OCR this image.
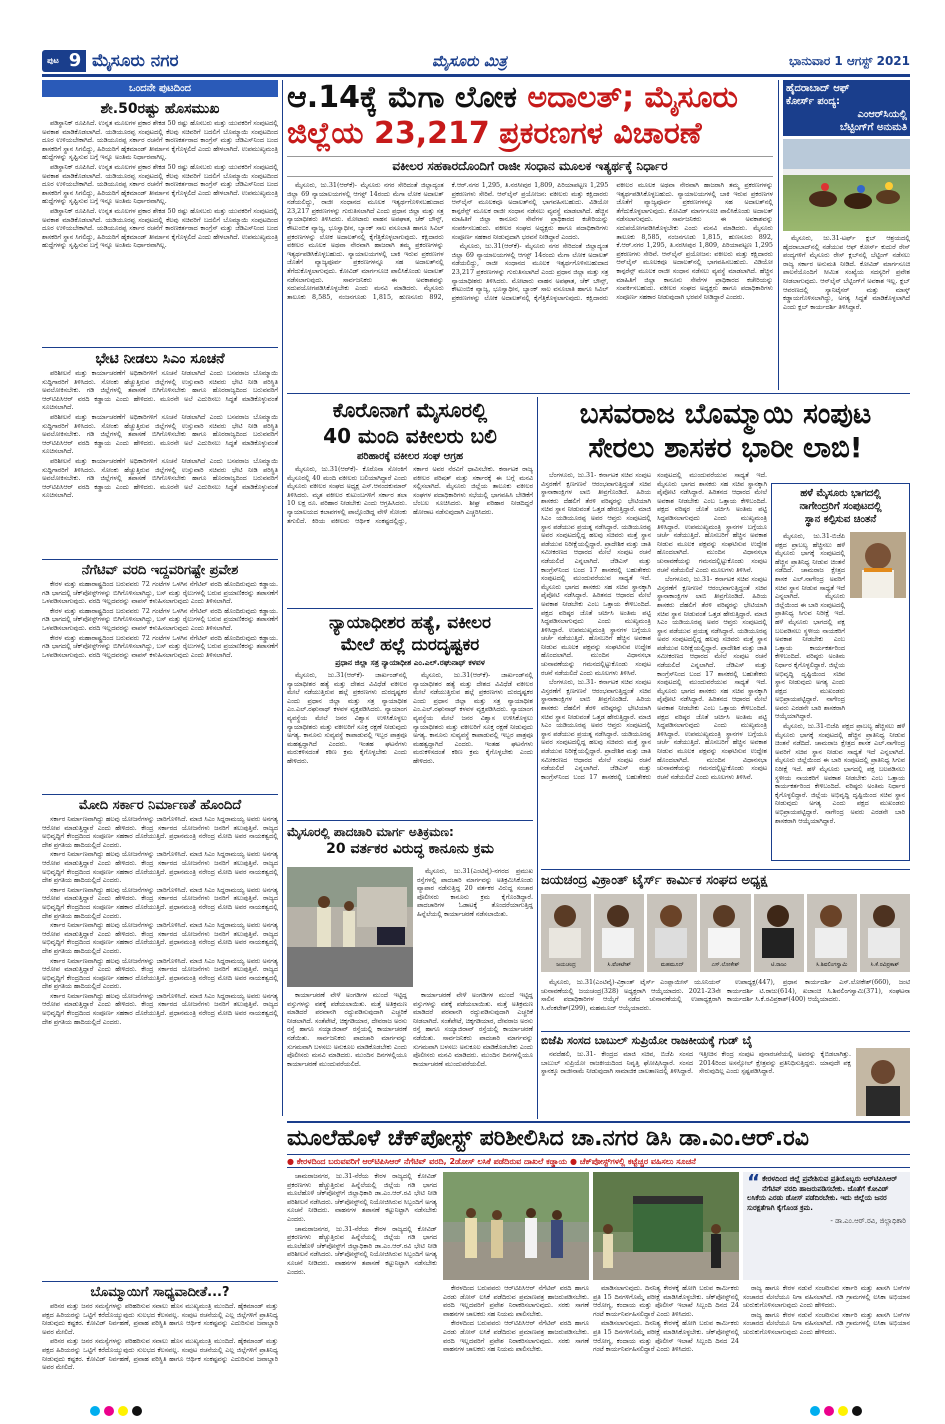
ಪುಟ 9 ಮೈಸೂರು ನಗರ	ಮೈಸೂರು ಮಿತ್ರ	ಭಾನುವಾರ 1 ಆಗಸ್ಟ್ 2021
ಒಂದನೇ ಪುಟದಿಂದ
ಶೇ.50ರಷ್ಟು ಹೊಸಮುಖ

ಪಡಿಸ್ಥಾನಿಕ್ ರೂಪಿಸಿದೆ. ಉನ್ನತ ಮೂಲಗಳ ಪ್ರಕಾರ ಶೇಕಡ 50 ರಷ್ಟು ಹೊಸಬರು ಮತ್ತು ಯುವಕರಿಗೆ ಸಂಪುಟದಲ್ಲಿ ಅವಕಾಶ ಮಾಡಿಕೊಡಲಾಗಿದೆ. ಯಡಿಯೂರಪ್ಪ ಸಂಪುಟದಲ್ಲಿ ಕೆಲವು ಸಚಿವರಿಗೆ ಬದಲಿಗೆ ಬೊಮ್ಮಾಯಿ ಸಂಪುಟದಿಂದ ದೂರ ಉಳಿಯಬೇಕಾಗಿದೆ. ಯಡಿಯೂರಪ್ಪ ಸರ್ಕಾರ ರಚನೆಗೆ ಕಾರಣಕರ್ತರಾದ ಕಾಂಗ್ರೆಸ್ ಮತ್ತು ಜೆಡಿಎಸ್‌ನಿಂದ ಬಂದ ಶಾಸಕರಿಗೆ ಸ್ಥಾನ ಸಿಗಲಿದ್ದು, ಹಿರಿಯರಿಗೆ ಹೈಕಮಾಂಡ್ ತೀರ್ಮಾನ ಕೈಗೊಳ್ಳಲಿದೆ ಎಂದು ಹೇಳಲಾಗಿದೆ. ಉಪಮುಖ್ಯಮಂತ್ರಿ ಹುದ್ದೆಗಳನ್ನು ಸೃಷ್ಟಿಸುವ ಬಗ್ಗೆ ಇನ್ನೂ ಅಂತಿಮ ನಿರ್ಧಾರವಾಗಿಲ್ಲ.

ಪಡಿಸ್ಥಾನಿಕ್ ರೂಪಿಸಿದೆ. ಉನ್ನತ ಮೂಲಗಳ ಪ್ರಕಾರ ಶೇಕಡ 50 ರಷ್ಟು ಹೊಸಬರು ಮತ್ತು ಯುವಕರಿಗೆ ಸಂಪುಟದಲ್ಲಿ ಅವಕಾಶ ಮಾಡಿಕೊಡಲಾಗಿದೆ. ಯಡಿಯೂರಪ್ಪ ಸಂಪುಟದಲ್ಲಿ ಕೆಲವು ಸಚಿವರಿಗೆ ಬದಲಿಗೆ ಬೊಮ್ಮಾಯಿ ಸಂಪುಟದಿಂದ ದೂರ ಉಳಿಯಬೇಕಾಗಿದೆ. ಯಡಿಯೂರಪ್ಪ ಸರ್ಕಾರ ರಚನೆಗೆ ಕಾರಣಕರ್ತರಾದ ಕಾಂಗ್ರೆಸ್ ಮತ್ತು ಜೆಡಿಎಸ್‌ನಿಂದ ಬಂದ ಶಾಸಕರಿಗೆ ಸ್ಥಾನ ಸಿಗಲಿದ್ದು, ಹಿರಿಯರಿಗೆ ಹೈಕಮಾಂಡ್ ತೀರ್ಮಾನ ಕೈಗೊಳ್ಳಲಿದೆ ಎಂದು ಹೇಳಲಾಗಿದೆ. ಉಪಮುಖ್ಯಮಂತ್ರಿ ಹುದ್ದೆಗಳನ್ನು ಸೃಷ್ಟಿಸುವ ಬಗ್ಗೆ ಇನ್ನೂ ಅಂತಿಮ ನಿರ್ಧಾರವಾಗಿಲ್ಲ.

ಪಡಿಸ್ಥಾನಿಕ್ ರೂಪಿಸಿದೆ. ಉನ್ನತ ಮೂಲಗಳ ಪ್ರಕಾರ ಶೇಕಡ 50 ರಷ್ಟು ಹೊಸಬರು ಮತ್ತು ಯುವಕರಿಗೆ ಸಂಪುಟದಲ್ಲಿ ಅವಕಾಶ ಮಾಡಿಕೊಡಲಾಗಿದೆ. ಯಡಿಯೂರಪ್ಪ ಸಂಪುಟದಲ್ಲಿ ಕೆಲವು ಸಚಿವರಿಗೆ ಬದಲಿಗೆ ಬೊಮ್ಮಾಯಿ ಸಂಪುಟದಿಂದ ದೂರ ಉಳಿಯಬೇಕಾಗಿದೆ. ಯಡಿಯೂರಪ್ಪ ಸರ್ಕಾರ ರಚನೆಗೆ ಕಾರಣಕರ್ತರಾದ ಕಾಂಗ್ರೆಸ್ ಮತ್ತು ಜೆಡಿಎಸ್‌ನಿಂದ ಬಂದ ಶಾಸಕರಿಗೆ ಸ್ಥಾನ ಸಿಗಲಿದ್ದು, ಹಿರಿಯರಿಗೆ ಹೈಕಮಾಂಡ್ ತೀರ್ಮಾನ ಕೈಗೊಳ್ಳಲಿದೆ ಎಂದು ಹೇಳಲಾಗಿದೆ. ಉಪಮುಖ್ಯಮಂತ್ರಿ ಹುದ್ದೆಗಳನ್ನು ಸೃಷ್ಟಿಸುವ ಬಗ್ಗೆ ಇನ್ನೂ ಅಂತಿಮ ನಿರ್ಧಾರವಾಗಿಲ್ಲ.

ಭೇಟಿ ನೀಡಲು ಸಿಎಂ ಸೂಚನೆ

ಪರಿಶೀಲನೆ ಮತ್ತು ಕಾರ್ಯಾಚರಣೆಗೆ ಅಧಿಕಾರಿಗಳಿಗೆ ಸೂಚನೆ ನೀಡಲಾಗಿದೆ ಎಂದು ಬಸವರಾಜ ಬೊಮ್ಮಾಯಿ ಸುದ್ದಿಗಾರರಿಗೆ ತಿಳಿಸಿದರು. ಸೋಂಕು ಹೆಚ್ಚುತ್ತಿರುವ ಜಿಲ್ಲೆಗಳಲ್ಲಿ ಉಸ್ತುವಾರಿ ಸಚಿವರು ಭೇಟಿ ನೀಡಿ ಪರಿಸ್ಥಿತಿ ಅವಲೋಕಿಸಬೇಕು. ಗಡಿ ಜಿಲ್ಲೆಗಳಲ್ಲಿ ತಪಾಸಣೆ ಬಿಗಿಗೊಳಿಸಬೇಕು ಹಾಗೂ ಹೊರರಾಜ್ಯದಿಂದ ಬರುವವರಿಗೆ ಆರ್‌ಟಿಪಿಸಿಆರ್ ವರದಿ ಕಡ್ಡಾಯ ಎಂದು ಹೇಳಿದರು. ಮೂರನೇ ಅಲೆ ಎದುರಿಸಲು ಸಿದ್ಧತೆ ಮಾಡಿಕೊಳ್ಳುವಂತೆ ಸೂಚಿಸಲಾಗಿದೆ.

ಪರಿಶೀಲನೆ ಮತ್ತು ಕಾರ್ಯಾಚರಣೆಗೆ ಅಧಿಕಾರಿಗಳಿಗೆ ಸೂಚನೆ ನೀಡಲಾಗಿದೆ ಎಂದು ಬಸವರಾಜ ಬೊಮ್ಮಾಯಿ ಸುದ್ದಿಗಾರರಿಗೆ ತಿಳಿಸಿದರು. ಸೋಂಕು ಹೆಚ್ಚುತ್ತಿರುವ ಜಿಲ್ಲೆಗಳಲ್ಲಿ ಉಸ್ತುವಾರಿ ಸಚಿವರು ಭೇಟಿ ನೀಡಿ ಪರಿಸ್ಥಿತಿ ಅವಲೋಕಿಸಬೇಕು. ಗಡಿ ಜಿಲ್ಲೆಗಳಲ್ಲಿ ತಪಾಸಣೆ ಬಿಗಿಗೊಳಿಸಬೇಕು ಹಾಗೂ ಹೊರರಾಜ್ಯದಿಂದ ಬರುವವರಿಗೆ ಆರ್‌ಟಿಪಿಸಿಆರ್ ವರದಿ ಕಡ್ಡಾಯ ಎಂದು ಹೇಳಿದರು. ಮೂರನೇ ಅಲೆ ಎದುರಿಸಲು ಸಿದ್ಧತೆ ಮಾಡಿಕೊಳ್ಳುವಂತೆ ಸೂಚಿಸಲಾಗಿದೆ.

ಪರಿಶೀಲನೆ ಮತ್ತು ಕಾರ್ಯಾಚರಣೆಗೆ ಅಧಿಕಾರಿಗಳಿಗೆ ಸೂಚನೆ ನೀಡಲಾಗಿದೆ ಎಂದು ಬಸವರಾಜ ಬೊಮ್ಮಾಯಿ ಸುದ್ದಿಗಾರರಿಗೆ ತಿಳಿಸಿದರು. ಸೋಂಕು ಹೆಚ್ಚುತ್ತಿರುವ ಜಿಲ್ಲೆಗಳಲ್ಲಿ ಉಸ್ತುವಾರಿ ಸಚಿವರು ಭೇಟಿ ನೀಡಿ ಪರಿಸ್ಥಿತಿ ಅವಲೋಕಿಸಬೇಕು. ಗಡಿ ಜಿಲ್ಲೆಗಳಲ್ಲಿ ತಪಾಸಣೆ ಬಿಗಿಗೊಳಿಸಬೇಕು ಹಾಗೂ ಹೊರರಾಜ್ಯದಿಂದ ಬರುವವರಿಗೆ ಆರ್‌ಟಿಪಿಸಿಆರ್ ವರದಿ ಕಡ್ಡಾಯ ಎಂದು ಹೇಳಿದರು. ಮೂರನೇ ಅಲೆ ಎದುರಿಸಲು ಸಿದ್ಧತೆ ಮಾಡಿಕೊಳ್ಳುವಂತೆ ಸೂಚಿಸಲಾಗಿದೆ.

ನೆಗೆಟಿವ್ ವರದಿ ಇದ್ದವರಿಗಷ್ಟೇ ಪ್ರವೇಶ

ಕೇರಳ ಮತ್ತು ಮಹಾರಾಷ್ಟ್ರದಿಂದ ಬರುವವರು 72 ಗಂಟೆಗಳ ಒಳಗಿನ ನೆಗೆಟಿವ್ ವರದಿ ಹೊಂದಿರುವುದು ಕಡ್ಡಾಯ. ಗಡಿ ಭಾಗದಲ್ಲಿ ಚೆಕ್‌ಪೋಸ್ಟ್‌ಗಳನ್ನು ಬಿಗಿಗೊಳಿಸಲಾಗಿದ್ದು, ಬಸ್ ಮತ್ತು ರೈಲುಗಳಲ್ಲಿ ಬರುವ ಪ್ರಯಾಣಿಕರನ್ನು ತಪಾಸಣೆಗೆ ಒಳಪಡಿಸಲಾಗುವುದು. ವರದಿ ಇಲ್ಲದವರನ್ನು ವಾಪಸ್ ಕಳುಹಿಸಲಾಗುವುದು ಎಂದು ತಿಳಿಸಲಾಗಿದೆ.

ಕೇರಳ ಮತ್ತು ಮಹಾರಾಷ್ಟ್ರದಿಂದ ಬರುವವರು 72 ಗಂಟೆಗಳ ಒಳಗಿನ ನೆಗೆಟಿವ್ ವರದಿ ಹೊಂದಿರುವುದು ಕಡ್ಡಾಯ. ಗಡಿ ಭಾಗದಲ್ಲಿ ಚೆಕ್‌ಪೋಸ್ಟ್‌ಗಳನ್ನು ಬಿಗಿಗೊಳಿಸಲಾಗಿದ್ದು, ಬಸ್ ಮತ್ತು ರೈಲುಗಳಲ್ಲಿ ಬರುವ ಪ್ರಯಾಣಿಕರನ್ನು ತಪಾಸಣೆಗೆ ಒಳಪಡಿಸಲಾಗುವುದು. ವರದಿ ಇಲ್ಲದವರನ್ನು ವಾಪಸ್ ಕಳುಹಿಸಲಾಗುವುದು ಎಂದು ತಿಳಿಸಲಾಗಿದೆ.

ಕೇರಳ ಮತ್ತು ಮಹಾರಾಷ್ಟ್ರದಿಂದ ಬರುವವರು 72 ಗಂಟೆಗಳ ಒಳಗಿನ ನೆಗೆಟಿವ್ ವರದಿ ಹೊಂದಿರುವುದು ಕಡ್ಡಾಯ. ಗಡಿ ಭಾಗದಲ್ಲಿ ಚೆಕ್‌ಪೋಸ್ಟ್‌ಗಳನ್ನು ಬಿಗಿಗೊಳಿಸಲಾಗಿದ್ದು, ಬಸ್ ಮತ್ತು ರೈಲುಗಳಲ್ಲಿ ಬರುವ ಪ್ರಯಾಣಿಕರನ್ನು ತಪಾಸಣೆಗೆ ಒಳಪಡಿಸಲಾಗುವುದು. ವರದಿ ಇಲ್ಲದವರನ್ನು ವಾಪಸ್ ಕಳುಹಿಸಲಾಗುವುದು ಎಂದು ತಿಳಿಸಲಾಗಿದೆ.

ಮೋದಿ ಸರ್ಕಾರ ನಿರ್ಮಾಣತೆ ಹೊಂದಿದೆ

ಸರ್ಕಾರ ನಿರ್ಮಾಣವಾಗಿದ್ದು ಹಲವು ಯೋಜನೆಗಳನ್ನು ಜಾರಿಗೊಳಿಸಿದೆ. ಮಾಜಿ ಸಿಎಂ ಸಿದ್ದರಾಮಯ್ಯ ಅವರು ಅನಗತ್ಯ ಆರೋಪ ಮಾಡುತ್ತಿದ್ದಾರೆ ಎಂದು ಹೇಳಿದರು. ಕೇಂದ್ರ ಸರ್ಕಾರದ ಯೋಜನೆಗಳು ಜನರಿಗೆ ತಲುಪುತ್ತಿವೆ. ರಾಜ್ಯದ ಅಭಿವೃದ್ಧಿಗೆ ಕೇಂದ್ರದಿಂದ ಸಂಪೂರ್ಣ ಸಹಕಾರ ದೊರೆಯುತ್ತಿದೆ. ಪ್ರಧಾನಮಂತ್ರಿ ನರೇಂದ್ರ ಮೋದಿ ಅವರ ನಾಯಕತ್ವದಲ್ಲಿ ದೇಶ ಪ್ರಗತಿಯ ಹಾದಿಯಲ್ಲಿದೆ ಎಂದರು.

ಸರ್ಕಾರ ನಿರ್ಮಾಣವಾಗಿದ್ದು ಹಲವು ಯೋಜನೆಗಳನ್ನು ಜಾರಿಗೊಳಿಸಿದೆ. ಮಾಜಿ ಸಿಎಂ ಸಿದ್ದರಾಮಯ್ಯ ಅವರು ಅನಗತ್ಯ ಆರೋಪ ಮಾಡುತ್ತಿದ್ದಾರೆ ಎಂದು ಹೇಳಿದರು. ಕೇಂದ್ರ ಸರ್ಕಾರದ ಯೋಜನೆಗಳು ಜನರಿಗೆ ತಲುಪುತ್ತಿವೆ. ರಾಜ್ಯದ ಅಭಿವೃದ್ಧಿಗೆ ಕೇಂದ್ರದಿಂದ ಸಂಪೂರ್ಣ ಸಹಕಾರ ದೊರೆಯುತ್ತಿದೆ. ಪ್ರಧಾನಮಂತ್ರಿ ನರೇಂದ್ರ ಮೋದಿ ಅವರ ನಾಯಕತ್ವದಲ್ಲಿ ದೇಶ ಪ್ರಗತಿಯ ಹಾದಿಯಲ್ಲಿದೆ ಎಂದರು.

ಸರ್ಕಾರ ನಿರ್ಮಾಣವಾಗಿದ್ದು ಹಲವು ಯೋಜನೆಗಳನ್ನು ಜಾರಿಗೊಳಿಸಿದೆ. ಮಾಜಿ ಸಿಎಂ ಸಿದ್ದರಾಮಯ್ಯ ಅವರು ಅನಗತ್ಯ ಆರೋಪ ಮಾಡುತ್ತಿದ್ದಾರೆ ಎಂದು ಹೇಳಿದರು. ಕೇಂದ್ರ ಸರ್ಕಾರದ ಯೋಜನೆಗಳು ಜನರಿಗೆ ತಲುಪುತ್ತಿವೆ. ರಾಜ್ಯದ ಅಭಿವೃದ್ಧಿಗೆ ಕೇಂದ್ರದಿಂದ ಸಂಪೂರ್ಣ ಸಹಕಾರ ದೊರೆಯುತ್ತಿದೆ. ಪ್ರಧಾನಮಂತ್ರಿ ನರೇಂದ್ರ ಮೋದಿ ಅವರ ನಾಯಕತ್ವದಲ್ಲಿ ದೇಶ ಪ್ರಗತಿಯ ಹಾದಿಯಲ್ಲಿದೆ ಎಂದರು.

ಸರ್ಕಾರ ನಿರ್ಮಾಣವಾಗಿದ್ದು ಹಲವು ಯೋಜನೆಗಳನ್ನು ಜಾರಿಗೊಳಿಸಿದೆ. ಮಾಜಿ ಸಿಎಂ ಸಿದ್ದರಾಮಯ್ಯ ಅವರು ಅನಗತ್ಯ ಆರೋಪ ಮಾಡುತ್ತಿದ್ದಾರೆ ಎಂದು ಹೇಳಿದರು. ಕೇಂದ್ರ ಸರ್ಕಾರದ ಯೋಜನೆಗಳು ಜನರಿಗೆ ತಲುಪುತ್ತಿವೆ. ರಾಜ್ಯದ ಅಭಿವೃದ್ಧಿಗೆ ಕೇಂದ್ರದಿಂದ ಸಂಪೂರ್ಣ ಸಹಕಾರ ದೊರೆಯುತ್ತಿದೆ. ಪ್ರಧಾನಮಂತ್ರಿ ನರೇಂದ್ರ ಮೋದಿ ಅವರ ನಾಯಕತ್ವದಲ್ಲಿ ದೇಶ ಪ್ರಗತಿಯ ಹಾದಿಯಲ್ಲಿದೆ ಎಂದರು.

ಸರ್ಕಾರ ನಿರ್ಮಾಣವಾಗಿದ್ದು ಹಲವು ಯೋಜನೆಗಳನ್ನು ಜಾರಿಗೊಳಿಸಿದೆ. ಮಾಜಿ ಸಿಎಂ ಸಿದ್ದರಾಮಯ್ಯ ಅವರು ಅನಗತ್ಯ ಆರೋಪ ಮಾಡುತ್ತಿದ್ದಾರೆ ಎಂದು ಹೇಳಿದರು. ಕೇಂದ್ರ ಸರ್ಕಾರದ ಯೋಜನೆಗಳು ಜನರಿಗೆ ತಲುಪುತ್ತಿವೆ. ರಾಜ್ಯದ ಅಭಿವೃದ್ಧಿಗೆ ಕೇಂದ್ರದಿಂದ ಸಂಪೂರ್ಣ ಸಹಕಾರ ದೊರೆಯುತ್ತಿದೆ. ಪ್ರಧಾನಮಂತ್ರಿ ನರೇಂದ್ರ ಮೋದಿ ಅವರ ನಾಯಕತ್ವದಲ್ಲಿ ದೇಶ ಪ್ರಗತಿಯ ಹಾದಿಯಲ್ಲಿದೆ ಎಂದರು.

ಸರ್ಕಾರ ನಿರ್ಮಾಣವಾಗಿದ್ದು ಹಲವು ಯೋಜನೆಗಳನ್ನು ಜಾರಿಗೊಳಿಸಿದೆ. ಮಾಜಿ ಸಿಎಂ ಸಿದ್ದರಾಮಯ್ಯ ಅವರು ಅನಗತ್ಯ ಆರೋಪ ಮಾಡುತ್ತಿದ್ದಾರೆ ಎಂದು ಹೇಳಿದರು. ಕೇಂದ್ರ ಸರ್ಕಾರದ ಯೋಜನೆಗಳು ಜನರಿಗೆ ತಲುಪುತ್ತಿವೆ. ರಾಜ್ಯದ ಅಭಿವೃದ್ಧಿಗೆ ಕೇಂದ್ರದಿಂದ ಸಂಪೂರ್ಣ ಸಹಕಾರ ದೊರೆಯುತ್ತಿದೆ. ಪ್ರಧಾನಮಂತ್ರಿ ನರೇಂದ್ರ ಮೋದಿ ಅವರ ನಾಯಕತ್ವದಲ್ಲಿ ದೇಶ ಪ್ರಗತಿಯ ಹಾದಿಯಲ್ಲಿದೆ ಎಂದರು.

ಬೊಮ್ಮಾಯಿಗೆ ಸಾಧ್ಯವಾದೀತೆ...?

ಪರಿಸರ ಮತ್ತು ಜನರ ಸಮಸ್ಯೆಗಳನ್ನು ಪರಿಹರಿಸುವ ಸವಾಲು ಹೊಸ ಮುಖ್ಯಮಂತ್ರಿ ಮುಂದಿದೆ. ಹೈಕಮಾಂಡ್ ಮತ್ತು ಪಕ್ಷದ ಹಿರಿಯರನ್ನು ಒಟ್ಟಿಗೆ ಕರೆದೊಯ್ಯುವುದು ಸುಲಭದ ಕೆಲಸವಲ್ಲ. ಸಂಪುಟ ರಚನೆಯಲ್ಲಿ ಎಲ್ಲ ಜಿಲ್ಲೆಗಳಿಗೆ ಪ್ರಾತಿನಿಧ್ಯ ನೀಡುವುದು ಕಷ್ಟಕರ. ಕೋವಿಡ್ ನಿರ್ವಹಣೆ, ಪ್ರವಾಹ ಪರಿಸ್ಥಿತಿ ಹಾಗೂ ಆರ್ಥಿಕ ಸಂಕಷ್ಟವನ್ನು ಎದುರಿಸುವ ಜವಾಬ್ದಾರಿ ಅವರ ಮೇಲಿದೆ.

ಪರಿಸರ ಮತ್ತು ಜನರ ಸಮಸ್ಯೆಗಳನ್ನು ಪರಿಹರಿಸುವ ಸವಾಲು ಹೊಸ ಮುಖ್ಯಮಂತ್ರಿ ಮುಂದಿದೆ. ಹೈಕಮಾಂಡ್ ಮತ್ತು ಪಕ್ಷದ ಹಿರಿಯರನ್ನು ಒಟ್ಟಿಗೆ ಕರೆದೊಯ್ಯುವುದು ಸುಲಭದ ಕೆಲಸವಲ್ಲ. ಸಂಪುಟ ರಚನೆಯಲ್ಲಿ ಎಲ್ಲ ಜಿಲ್ಲೆಗಳಿಗೆ ಪ್ರಾತಿನಿಧ್ಯ ನೀಡುವುದು ಕಷ್ಟಕರ. ಕೋವಿಡ್ ನಿರ್ವಹಣೆ, ಪ್ರವಾಹ ಪರಿಸ್ಥಿತಿ ಹಾಗೂ ಆರ್ಥಿಕ ಸಂಕಷ್ಟವನ್ನು ಎದುರಿಸುವ ಜವಾಬ್ದಾರಿ ಅವರ ಮೇಲಿದೆ.

ಆ.14ಕ್ಕೆ ಮೆಗಾ ಲೋಕ ಅದಾಲತ್; ಮೈಸೂರು
ಜಿಲ್ಲೆಯ 23,217 ಪ್ರಕರಣಗಳ ವಿಚಾರಣೆ
ವಕೀಲರ ಸಹಕಾರದೊಂದಿಗೆ ರಾಜೀ ಸಂಧಾನ ಮೂಲಕ ಇತ್ಯರ್ಥಕ್ಕೆ ನಿರ್ಧಾರ

ಮೈಸೂರು, ಜು.31(ಆರ್‌ಕೆ)- ಮೈಸೂರು ನಗರ ಸೇರಿದಂತೆ ಜಿಲ್ಲಾದ್ಯಂತ ಜಿಲ್ಲಾ 69 ನ್ಯಾಯಾಲಯಗಳಲ್ಲಿ ಆಗಸ್ಟ್ 14ರಂದು ಮೆಗಾ ಲೋಕ ಅದಾಲತ್ ನಡೆಯಲಿದ್ದು, ರಾಜೀ ಸಂಧಾನದ ಮೂಲಕ ಇತ್ಯರ್ಥಗೊಳಿಸಬಹುದಾದ 23,217 ಪ್ರಕರಣಗಳನ್ನು ಗುರುತಿಸಲಾಗಿದೆ ಎಂದು ಪ್ರಧಾನ ಜಿಲ್ಲಾ ಮತ್ತು ಸತ್ರ ನ್ಯಾಯಾಧೀಶರು ತಿಳಿಸಿದರು. ಮೋಟಾರು ವಾಹನ ಅಪಘಾತ, ಚೆಕ್ ಬೌನ್ಸ್, ಕೌಟುಂಬಿಕ ವ್ಯಾಜ್ಯ, ಭೂಸ್ವಾಧೀನ, ಬ್ಯಾಂಕ್ ಸಾಲ ವಸೂಲಾತಿ ಹಾಗೂ ಸಿವಿಲ್ ಪ್ರಕರಣಗಳನ್ನು ಲೋಕ ಅದಾಲತ್‌ನಲ್ಲಿ ಕೈಗೆತ್ತಿಕೊಳ್ಳಲಾಗುವುದು. ಕಕ್ಷಿದಾರರು ವಕೀಲರ ಮೂಲಕ ಅಥವಾ ನೇರವಾಗಿ ಹಾಜರಾಗಿ ತಮ್ಮ ಪ್ರಕರಣಗಳನ್ನು ಇತ್ಯರ್ಥಪಡಿಸಿಕೊಳ್ಳಬಹುದು. ನ್ಯಾಯಾಲಯಗಳಲ್ಲಿ ಬಾಕಿ ಇರುವ ಪ್ರಕರಣಗಳ ಜೊತೆಗೆ ವ್ಯಾಜ್ಯಪೂರ್ವ ಪ್ರಕರಣಗಳನ್ನೂ ಸಹ ಅದಾಲತ್‌ನಲ್ಲಿ ತೆಗೆದುಕೊಳ್ಳಲಾಗುವುದು. ಕೋವಿಡ್ ಮಾರ್ಗಸೂಚಿ ಪಾಲಿಸಿಕೊಂಡು ಅದಾಲತ್ ನಡೆಸಲಾಗುವುದು. ಸಾರ್ವಜನಿಕರು ಈ ಅವಕಾಶವನ್ನು ಸದುಪಯೋಗಪಡಿಸಿಕೊಳ್ಳಬೇಕು ಎಂದು ಮನವಿ ಮಾಡಿದರು. ಮೈಸೂರು ತಾಲೂಕು 8,585, ನಂಜನಗೂಡು 1,815, ಹುಣಸೂರು 892, ಕೆ.ಆರ್.ನಗರ 1,295, ತಿ.ನರಸೀಪುರ 1,809, ಪಿರಿಯಾಪಟ್ಟಣ 1,295 ಪ್ರಕರಣಗಳು ಸೇರಿವೆ. ಆನ್‌ಲೈನ್ ಪ್ರಯೋಜನ: ವಕೀಲರು ಮತ್ತು ಕಕ್ಷಿದಾರರು ಆನ್‌ಲೈನ್ ಮೂಲಕವೂ ಅದಾಲತ್‌ನಲ್ಲಿ ಭಾಗವಹಿಸಬಹುದು. ವಿಡಿಯೋ ಕಾನ್ಫರೆನ್ಸ್ ಮೂಲಕ ರಾಜೀ ಸಂಧಾನ ನಡೆಸಲು ವ್ಯವಸ್ಥೆ ಮಾಡಲಾಗಿದೆ. ಹೆಚ್ಚಿನ ಮಾಹಿತಿಗೆ ಜಿಲ್ಲಾ ಕಾನೂನು ಸೇವೆಗಳ ಪ್ರಾಧಿಕಾರದ ಕಚೇರಿಯನ್ನು ಸಂಪರ್ಕಿಸಬಹುದು. ವಕೀಲರ ಸಂಘದ ಅಧ್ಯಕ್ಷರು ಹಾಗೂ ಪದಾಧಿಕಾರಿಗಳು ಸಂಪೂರ್ಣ ಸಹಕಾರ ನೀಡುವುದಾಗಿ ಭರವಸೆ ನೀಡಿದ್ದಾರೆ ಎಂದರು.

ಮೈಸೂರು, ಜು.31(ಆರ್‌ಕೆ)- ಮೈಸೂರು ನಗರ ಸೇರಿದಂತೆ ಜಿಲ್ಲಾದ್ಯಂತ ಜಿಲ್ಲಾ 69 ನ್ಯಾಯಾಲಯಗಳಲ್ಲಿ ಆಗಸ್ಟ್ 14ರಂದು ಮೆಗಾ ಲೋಕ ಅದಾಲತ್ ನಡೆಯಲಿದ್ದು, ರಾಜೀ ಸಂಧಾನದ ಮೂಲಕ ಇತ್ಯರ್ಥಗೊಳಿಸಬಹುದಾದ 23,217 ಪ್ರಕರಣಗಳನ್ನು ಗುರುತಿಸಲಾಗಿದೆ ಎಂದು ಪ್ರಧಾನ ಜಿಲ್ಲಾ ಮತ್ತು ಸತ್ರ ನ್ಯಾಯಾಧೀಶರು ತಿಳಿಸಿದರು. ಮೋಟಾರು ವಾಹನ ಅಪಘಾತ, ಚೆಕ್ ಬೌನ್ಸ್, ಕೌಟುಂಬಿಕ ವ್ಯಾಜ್ಯ, ಭೂಸ್ವಾಧೀನ, ಬ್ಯಾಂಕ್ ಸಾಲ ವಸೂಲಾತಿ ಹಾಗೂ ಸಿವಿಲ್ ಪ್ರಕರಣಗಳನ್ನು ಲೋಕ ಅದಾಲತ್‌ನಲ್ಲಿ ಕೈಗೆತ್ತಿಕೊಳ್ಳಲಾಗುವುದು. ಕಕ್ಷಿದಾರರು ವಕೀಲರ ಮೂಲಕ ಅಥವಾ ನೇರವಾಗಿ ಹಾಜರಾಗಿ ತಮ್ಮ ಪ್ರಕರಣಗಳನ್ನು ಇತ್ಯರ್ಥಪಡಿಸಿಕೊಳ್ಳಬಹುದು. ನ್ಯಾಯಾಲಯಗಳಲ್ಲಿ ಬಾಕಿ ಇರುವ ಪ್ರಕರಣಗಳ ಜೊತೆಗೆ ವ್ಯಾಜ್ಯಪೂರ್ವ ಪ್ರಕರಣಗಳನ್ನೂ ಸಹ ಅದಾಲತ್‌ನಲ್ಲಿ ತೆಗೆದುಕೊಳ್ಳಲಾಗುವುದು. ಕೋವಿಡ್ ಮಾರ್ಗಸೂಚಿ ಪಾಲಿಸಿಕೊಂಡು ಅದಾಲತ್ ನಡೆಸಲಾಗುವುದು. ಸಾರ್ವಜನಿಕರು ಈ ಅವಕಾಶವನ್ನು ಸದುಪಯೋಗಪಡಿಸಿಕೊಳ್ಳಬೇಕು ಎಂದು ಮನವಿ ಮಾಡಿದರು. ಮೈಸೂರು ತಾಲೂಕು 8,585, ನಂಜನಗೂಡು 1,815, ಹುಣಸೂರು 892, ಕೆ.ಆರ್.ನಗರ 1,295, ತಿ.ನರಸೀಪುರ 1,809, ಪಿರಿಯಾಪಟ್ಟಣ 1,295 ಪ್ರಕರಣಗಳು ಸೇರಿವೆ. ಆನ್‌ಲೈನ್ ಪ್ರಯೋಜನ: ವಕೀಲರು ಮತ್ತು ಕಕ್ಷಿದಾರರು ಆನ್‌ಲೈನ್ ಮೂಲಕವೂ ಅದಾಲತ್‌ನಲ್ಲಿ ಭಾಗವಹಿಸಬಹುದು. ವಿಡಿಯೋ ಕಾನ್ಫರೆನ್ಸ್ ಮೂಲಕ ರಾಜೀ ಸಂಧಾನ ನಡೆಸಲು ವ್ಯವಸ್ಥೆ ಮಾಡಲಾಗಿದೆ. ಹೆಚ್ಚಿನ ಮಾಹಿತಿಗೆ ಜಿಲ್ಲಾ ಕಾನೂನು ಸೇವೆಗಳ ಪ್ರಾಧಿಕಾರದ ಕಚೇರಿಯನ್ನು ಸಂಪರ್ಕಿಸಬಹುದು. ವಕೀಲರ ಸಂಘದ ಅಧ್ಯಕ್ಷರು ಹಾಗೂ ಪದಾಧಿಕಾರಿಗಳು ಸಂಪೂರ್ಣ ಸಹಕಾರ ನೀಡುವುದಾಗಿ ಭರವಸೆ ನೀಡಿದ್ದಾರೆ ಎಂದರು.

ಹೈದರಾಬಾದ್ ಆಫ್
ಕೋರ್ಸ್ ಪಂದ್ಯ:
ಎಂಆರ್‌ಸಿಯಲ್ಲಿ
ಬೆಟ್ಟಿಂಗ್‌ಗೆ ಅನುಮತಿ

ಮೈಸೂರು, ಜು.31-ಟರ್ಫ್ ಕ್ಲಬ್ ಆಶ್ರಯದಲ್ಲಿ ಹೈದರಾಬಾದ್‌ನಲ್ಲಿ ನಡೆಯುವ ಆಫ್ ಕೋರ್ಸ್ ಕುದುರೆ ರೇಸ್ ಪಂದ್ಯಗಳಿಗೆ ಮೈಸೂರು ರೇಸ್ ಕ್ಲಬ್‌ನಲ್ಲಿ ಬೆಟ್ಟಿಂಗ್ ನಡೆಸಲು ರಾಜ್ಯ ಸರ್ಕಾರ ಅನುಮತಿ ನೀಡಿದೆ. ಕೋವಿಡ್ ಮಾರ್ಗಸೂಚಿ ಪಾಲನೆಯೊಂದಿಗೆ ಸೀಮಿತ ಸಂಖ್ಯೆಯ ಸದಸ್ಯರಿಗೆ ಪ್ರವೇಶ ನೀಡಲಾಗುವುದು. ಆನ್‌ಲೈನ್ ಬೆಟ್ಟಿಂಗ್‌ಗೆ ಅವಕಾಶ ಇಲ್ಲ. ಕ್ಲಬ್ ಆವರಣದಲ್ಲಿ ಸ್ಯಾನಿಟೈಸರ್ ಮತ್ತು ಮಾಸ್ಕ್ ಕಡ್ಡಾಯಗೊಳಿಸಲಾಗಿದ್ದು, ಅಗತ್ಯ ಸಿದ್ಧತೆ ಮಾಡಿಕೊಳ್ಳಲಾಗಿದೆ ಎಂದು ಕ್ಲಬ್ ಕಾರ್ಯದರ್ಶಿ ತಿಳಿಸಿದ್ದಾರೆ.

ಕೊರೊನಾಗೆ ಮೈಸೂರಲ್ಲಿ
40 ಮಂದಿ ವಕೀಲರು ಬಲಿ
ಪರಿಹಾರಕ್ಕೆ ವಕೀಲರ ಸಂಘ ಆಗ್ರಹ

ಮೈಸೂರು, ಜು.31(ಆರ್‌ಕೆ)- ಕೊರೊನಾ ಸೋಂಕಿಗೆ ಮೈಸೂರಲ್ಲಿ 40 ಮಂದಿ ವಕೀಲರು ಬಲಿಯಾಗಿದ್ದಾರೆ ಎಂದು ಮೈಸೂರು ವಕೀಲರ ಸಂಘದ ಅಧ್ಯಕ್ಷ ಎಸ್.ಆನಂದಕುಮಾರ್ ತಿಳಿಸಿದರು. ಮೃತ ವಕೀಲರ ಕುಟುಂಬಗಳಿಗೆ ಸರ್ಕಾರ ತಲಾ 10 ಲಕ್ಷ ರೂ. ಪರಿಹಾರ ನೀಡಬೇಕು ಎಂದು ಆಗ್ರಹಿಸಿದರು. ನ್ಯಾಯಾಲಯದ ಕಲಾಪಗಳಲ್ಲಿ ಪಾಲ್ಗೊಂಡಿದ್ದ ವೇಳೆ ಸೋಂಕು ತಗುಲಿದೆ. ಕಿರಿಯ ವಕೀಲರು ಆರ್ಥಿಕ ಸಂಕಷ್ಟದಲ್ಲಿದ್ದು, ಸರ್ಕಾರ ಅವರ ನೆರವಿಗೆ ಧಾವಿಸಬೇಕು. ಕರ್ನಾಟಕ ರಾಜ್ಯ ವಕೀಲರ ಪರಿಷತ್ ಮತ್ತು ಸರ್ಕಾರಕ್ಕೆ ಈ ಬಗ್ಗೆ ಮನವಿ ಸಲ್ಲಿಸಲಾಗಿದೆ. ಮೈಸೂರು ಜಿಲ್ಲೆಯ ತಾಲೂಕು ವಕೀಲರ ಸಂಘಗಳ ಪದಾಧಿಕಾರಿಗಳು ಸಭೆಯಲ್ಲಿ ಭಾಗವಹಿಸಿ ಬೇಡಿಕೆಗೆ ಬೆಂಬಲ ಸೂಚಿಸಿದರು. ಶೀಘ್ರ ಪರಿಹಾರ ನೀಡದಿದ್ದರೆ ಹೋರಾಟ ನಡೆಸುವುದಾಗಿ ಎಚ್ಚರಿಸಿದರು.

ನ್ಯಾಯಾಧೀಶರ ಹತ್ಯೆ, ವಕೀಲರ
ಮೇಲೆ ಹಲ್ಲೆ ದುರದೃಷ್ಟಕರ
ಪ್ರಧಾನ ಜಿಲ್ಲಾ ಸತ್ರ ನ್ಯಾಯಾಧೀಶ ಎಂ.ಎಲ್.ರಘುನಾಥ್ ಕಳವಳ

ಮೈಸೂರು, ಜು.31(ಆರ್‌ಕೆ)- ಜಾರ್ಖಂಡ್‌ನಲ್ಲಿ ನ್ಯಾಯಾಧೀಶರ ಹತ್ಯೆ ಮತ್ತು ದೇಶದ ವಿವಿಧೆಡೆ ವಕೀಲರ ಮೇಲೆ ನಡೆಯುತ್ತಿರುವ ಹಲ್ಲೆ ಪ್ರಕರಣಗಳು ದುರದೃಷ್ಟಕರ ಎಂದು ಪ್ರಧಾನ ಜಿಲ್ಲಾ ಮತ್ತು ಸತ್ರ ನ್ಯಾಯಾಧೀಶ ಎಂ.ಎಲ್.ರಘುನಾಥ್ ಕಳವಳ ವ್ಯಕ್ತಪಡಿಸಿದರು. ನ್ಯಾಯಾಂಗ ವ್ಯವಸ್ಥೆಯ ಮೇಲೆ ಜನರ ವಿಶ್ವಾಸ ಉಳಿಸಿಕೊಳ್ಳಲು ನ್ಯಾಯಾಧೀಶರು ಮತ್ತು ವಕೀಲರಿಗೆ ಸೂಕ್ತ ರಕ್ಷಣೆ ನೀಡುವುದು ಅಗತ್ಯ. ಕಾನೂನು ಸುವ್ಯವಸ್ಥೆ ಕಾಪಾಡುವಲ್ಲಿ ಇಬ್ಬರ ಪಾತ್ರವೂ ಮಹತ್ವದ್ದಾಗಿದೆ ಎಂದರು. ಇಂತಹ ಘಟನೆಗಳು ಮರುಕಳಿಸದಂತೆ ಕಠಿಣ ಕ್ರಮ ಕೈಗೊಳ್ಳಬೇಕು ಎಂದು ಹೇಳಿದರು.

ಮೈಸೂರು, ಜು.31(ಆರ್‌ಕೆ)- ಜಾರ್ಖಂಡ್‌ನಲ್ಲಿ ನ್ಯಾಯಾಧೀಶರ ಹತ್ಯೆ ಮತ್ತು ದೇಶದ ವಿವಿಧೆಡೆ ವಕೀಲರ ಮೇಲೆ ನಡೆಯುತ್ತಿರುವ ಹಲ್ಲೆ ಪ್ರಕರಣಗಳು ದುರದೃಷ್ಟಕರ ಎಂದು ಪ್ರಧಾನ ಜಿಲ್ಲಾ ಮತ್ತು ಸತ್ರ ನ್ಯಾಯಾಧೀಶ ಎಂ.ಎಲ್.ರಘುನಾಥ್ ಕಳವಳ ವ್ಯಕ್ತಪಡಿಸಿದರು. ನ್ಯಾಯಾಂಗ ವ್ಯವಸ್ಥೆಯ ಮೇಲೆ ಜನರ ವಿಶ್ವಾಸ ಉಳಿಸಿಕೊಳ್ಳಲು ನ್ಯಾಯಾಧೀಶರು ಮತ್ತು ವಕೀಲರಿಗೆ ಸೂಕ್ತ ರಕ್ಷಣೆ ನೀಡುವುದು ಅಗತ್ಯ. ಕಾನೂನು ಸುವ್ಯವಸ್ಥೆ ಕಾಪಾಡುವಲ್ಲಿ ಇಬ್ಬರ ಪಾತ್ರವೂ ಮಹತ್ವದ್ದಾಗಿದೆ ಎಂದರು. ಇಂತಹ ಘಟನೆಗಳು ಮರುಕಳಿಸದಂತೆ ಕಠಿಣ ಕ್ರಮ ಕೈಗೊಳ್ಳಬೇಕು ಎಂದು ಹೇಳಿದರು.

ಮೈಸೂರಲ್ಲಿ ಪಾದಚಾರಿ ಮಾರ್ಗ ಅತಿಕ್ರಮಣ:
20 ವರ್ತಕರ ವಿರುದ್ಧ ಕಾನೂನು ಕ್ರಮ

ಮೈಸೂರು, ಜು.31(ಎಂಟಿವೈ)-ನಗರದ ಪ್ರಮುಖ ರಸ್ತೆಗಳಲ್ಲಿ ಪಾದಚಾರಿ ಮಾರ್ಗವನ್ನು ಅತಿಕ್ರಮಿಸಿಕೊಂಡು ವ್ಯಾಪಾರ ನಡೆಸುತ್ತಿದ್ದ 20 ವರ್ತಕರ ವಿರುದ್ಧ ಸಂಚಾರ ಪೊಲೀಸರು ಕಾನೂನು ಕ್ರಮ ಕೈಗೊಂಡಿದ್ದಾರೆ. ಪಾದಚಾರಿಗಳ ಓಡಾಟಕ್ಕೆ ತೊಂದರೆಯಾಗುತ್ತಿದ್ದ ಹಿನ್ನೆಲೆಯಲ್ಲಿ ಕಾರ್ಯಾಚರಣೆ ನಡೆಸಲಾಯಿತು.

ಕಾರ್ಯಾಚರಣೆ ವೇಳೆ ಅಂಗಡಿಗಳ ಮುಂದೆ ಇಟ್ಟಿದ್ದ ವಸ್ತುಗಳನ್ನು ವಶಕ್ಕೆ ಪಡೆಯಲಾಯಿತು. ಮತ್ತೆ ಅತಿಕ್ರಮಣ ಮಾಡಿದರೆ ಪರವಾನಗಿ ರದ್ದುಪಡಿಸುವುದಾಗಿ ಎಚ್ಚರಿಕೆ ನೀಡಲಾಗಿದೆ. ಸಂತೆಪೇಟೆ, ಚಿಕ್ಕಗಡಿಯಾರ, ದೇವರಾಜ ಅರಸು ರಸ್ತೆ ಹಾಗೂ ಸಯ್ಯಾಜಿರಾವ್ ರಸ್ತೆಯಲ್ಲಿ ಕಾರ್ಯಾಚರಣೆ ನಡೆಯಿತು. ಸಾರ್ವಜನಿಕರು ಪಾದಚಾರಿ ಮಾರ್ಗವನ್ನು ಸುಗಮವಾಗಿ ಬಳಸಲು ಅನುಕೂಲ ಮಾಡಿಕೊಡಬೇಕು ಎಂದು ಪೊಲೀಸರು ಮನವಿ ಮಾಡಿದರು. ಮುಂದಿನ ದಿನಗಳಲ್ಲಿಯೂ ಕಾರ್ಯಾಚರಣೆ ಮುಂದುವರೆಯಲಿದೆ.

ಕಾರ್ಯಾಚರಣೆ ವೇಳೆ ಅಂಗಡಿಗಳ ಮುಂದೆ ಇಟ್ಟಿದ್ದ ವಸ್ತುಗಳನ್ನು ವಶಕ್ಕೆ ಪಡೆಯಲಾಯಿತು. ಮತ್ತೆ ಅತಿಕ್ರಮಣ ಮಾಡಿದರೆ ಪರವಾನಗಿ ರದ್ದುಪಡಿಸುವುದಾಗಿ ಎಚ್ಚರಿಕೆ ನೀಡಲಾಗಿದೆ. ಸಂತೆಪೇಟೆ, ಚಿಕ್ಕಗಡಿಯಾರ, ದೇವರಾಜ ಅರಸು ರಸ್ತೆ ಹಾಗೂ ಸಯ್ಯಾಜಿರಾವ್ ರಸ್ತೆಯಲ್ಲಿ ಕಾರ್ಯಾಚರಣೆ ನಡೆಯಿತು. ಸಾರ್ವಜನಿಕರು ಪಾದಚಾರಿ ಮಾರ್ಗವನ್ನು ಸುಗಮವಾಗಿ ಬಳಸಲು ಅನುಕೂಲ ಮಾಡಿಕೊಡಬೇಕು ಎಂದು ಪೊಲೀಸರು ಮನವಿ ಮಾಡಿದರು. ಮುಂದಿನ ದಿನಗಳಲ್ಲಿಯೂ ಕಾರ್ಯಾಚರಣೆ ಮುಂದುವರೆಯಲಿದೆ.

ಬಸವರಾಜ ಬೊಮ್ಮಾಯಿ ಸಂಪುಟ
ಸೇರಲು ಶಾಸಕರ ಭಾರೀ ಲಾಬಿ!

ಬೆಂಗಳೂರು, ಜು.31- ಕರ್ನಾಟಕ ಸಚಿವ ಸಂಪುಟ ವಿಸ್ತರಣೆಗೆ ಕ್ಷಣಗಣನೆ ಆರಂಭವಾಗುತ್ತಿದ್ದಂತೆ ಸಚಿವ ಸ್ಥಾನಾಕಾಂಕ್ಷಿಗಳ ಲಾಬಿ ತೀವ್ರಗೊಂಡಿದೆ. ಹಿರಿಯ ಶಾಸಕರು ದೆಹಲಿಗೆ ತೆರಳಿ ವರಿಷ್ಠರನ್ನು ಭೇಟಿಯಾಗಿ ಸಚಿವ ಸ್ಥಾನ ನೀಡುವಂತೆ ಒತ್ತಡ ಹೇರುತ್ತಿದ್ದಾರೆ. ಮಾಜಿ ಸಿಎಂ ಯಡಿಯೂರಪ್ಪ ಅವರ ಆಪ್ತರು ಸಂಪುಟದಲ್ಲಿ ಸ್ಥಾನ ಪಡೆಯುವ ಪ್ರಯತ್ನ ನಡೆಸಿದ್ದಾರೆ. ಯಡಿಯೂರಪ್ಪ ಅವರ ಸಂಪುಟದಲ್ಲಿದ್ದ ಹಲವು ಸಚಿವರು ಮತ್ತೆ ಸ್ಥಾನ ಪಡೆಯುವ ನಿರೀಕ್ಷೆಯಲ್ಲಿದ್ದಾರೆ. ಪ್ರಾದೇಶಿಕ ಮತ್ತು ಜಾತಿ ಸಮೀಕರಣದ ಆಧಾರದ ಮೇಲೆ ಸಂಪುಟ ರಚನೆ ನಡೆಯಲಿದೆ ಎನ್ನಲಾಗಿದೆ. ಜೆಡಿಎಸ್ ಮತ್ತು ಕಾಂಗ್ರೆಸ್‌ನಿಂದ ಬಂದ 17 ಶಾಸಕರಲ್ಲಿ ಬಹುತೇಕರು ಸಂಪುಟದಲ್ಲಿ ಮುಂದುವರೆಯುವ ಸಾಧ್ಯತೆ ಇದೆ. ಮೈಸೂರು ಭಾಗದ ಶಾಸಕರು ಸಹ ಸಚಿವ ಸ್ಥಾನಕ್ಕಾಗಿ ಪೈಪೋಟಿ ನಡೆಸಿದ್ದಾರೆ. ಹಿರಿತನದ ಆಧಾರದ ಮೇಲೆ ಅವಕಾಶ ನೀಡಬೇಕು ಎಂಬ ಒತ್ತಾಯ ಕೇಳಿಬಂದಿದೆ. ಪಕ್ಷದ ವರಿಷ್ಠರ ಜೊತೆ ಚರ್ಚಿಸಿ ಅಂತಿಮ ಪಟ್ಟಿ ಸಿದ್ಧಪಡಿಸಲಾಗುವುದು ಎಂದು ಮುಖ್ಯಮಂತ್ರಿ ತಿಳಿಸಿದ್ದಾರೆ. ಉಪಮುಖ್ಯಮಂತ್ರಿ ಸ್ಥಾನಗಳ ಬಗ್ಗೆಯೂ ಚರ್ಚೆ ನಡೆಯುತ್ತಿದೆ. ಹೊಸಬರಿಗೆ ಹೆಚ್ಚಿನ ಅವಕಾಶ ನೀಡುವ ಮೂಲಕ ಪಕ್ಷವನ್ನು ಸಂಘಟಿಸುವ ಉದ್ದೇಶ ಹೊಂದಲಾಗಿದೆ. ಮುಂದಿನ ವಿಧಾನಸಭಾ ಚುನಾವಣೆಯನ್ನು ಗಮನದಲ್ಲಿಟ್ಟುಕೊಂಡು ಸಂಪುಟ ರಚನೆ ನಡೆಯಲಿದೆ ಎಂದು ಮೂಲಗಳು ತಿಳಿಸಿವೆ.

ಬೆಂಗಳೂರು, ಜು.31- ಕರ್ನಾಟಕ ಸಚಿವ ಸಂಪುಟ ವಿಸ್ತರಣೆಗೆ ಕ್ಷಣಗಣನೆ ಆರಂಭವಾಗುತ್ತಿದ್ದಂತೆ ಸಚಿವ ಸ್ಥಾನಾಕಾಂಕ್ಷಿಗಳ ಲಾಬಿ ತೀವ್ರಗೊಂಡಿದೆ. ಹಿರಿಯ ಶಾಸಕರು ದೆಹಲಿಗೆ ತೆರಳಿ ವರಿಷ್ಠರನ್ನು ಭೇಟಿಯಾಗಿ ಸಚಿವ ಸ್ಥಾನ ನೀಡುವಂತೆ ಒತ್ತಡ ಹೇರುತ್ತಿದ್ದಾರೆ. ಮಾಜಿ ಸಿಎಂ ಯಡಿಯೂರಪ್ಪ ಅವರ ಆಪ್ತರು ಸಂಪುಟದಲ್ಲಿ ಸ್ಥಾನ ಪಡೆಯುವ ಪ್ರಯತ್ನ ನಡೆಸಿದ್ದಾರೆ. ಯಡಿಯೂರಪ್ಪ ಅವರ ಸಂಪುಟದಲ್ಲಿದ್ದ ಹಲವು ಸಚಿವರು ಮತ್ತೆ ಸ್ಥಾನ ಪಡೆಯುವ ನಿರೀಕ್ಷೆಯಲ್ಲಿದ್ದಾರೆ. ಪ್ರಾದೇಶಿಕ ಮತ್ತು ಜಾತಿ ಸಮೀಕರಣದ ಆಧಾರದ ಮೇಲೆ ಸಂಪುಟ ರಚನೆ ನಡೆಯಲಿದೆ ಎನ್ನಲಾಗಿದೆ. ಜೆಡಿಎಸ್ ಮತ್ತು ಕಾಂಗ್ರೆಸ್‌ನಿಂದ ಬಂದ 17 ಶಾಸಕರಲ್ಲಿ ಬಹುತೇಕರು ಸಂಪುಟದಲ್ಲಿ ಮುಂದುವರೆಯುವ ಸಾಧ್ಯತೆ ಇದೆ. ಮೈಸೂರು ಭಾಗದ ಶಾಸಕರು ಸಹ ಸಚಿವ ಸ್ಥಾನಕ್ಕಾಗಿ ಪೈಪೋಟಿ ನಡೆಸಿದ್ದಾರೆ. ಹಿರಿತನದ ಆಧಾರದ ಮೇಲೆ ಅವಕಾಶ ನೀಡಬೇಕು ಎಂಬ ಒತ್ತಾಯ ಕೇಳಿಬಂದಿದೆ. ಪಕ್ಷದ ವರಿಷ್ಠರ ಜೊತೆ ಚರ್ಚಿಸಿ ಅಂತಿಮ ಪಟ್ಟಿ ಸಿದ್ಧಪಡಿಸಲಾಗುವುದು ಎಂದು ಮುಖ್ಯಮಂತ್ರಿ ತಿಳಿಸಿದ್ದಾರೆ. ಉಪಮುಖ್ಯಮಂತ್ರಿ ಸ್ಥಾನಗಳ ಬಗ್ಗೆಯೂ ಚರ್ಚೆ ನಡೆಯುತ್ತಿದೆ. ಹೊಸಬರಿಗೆ ಹೆಚ್ಚಿನ ಅವಕಾಶ ನೀಡುವ ಮೂಲಕ ಪಕ್ಷವನ್ನು ಸಂಘಟಿಸುವ ಉದ್ದೇಶ ಹೊಂದಲಾಗಿದೆ. ಮುಂದಿನ ವಿಧಾನಸಭಾ ಚುನಾವಣೆಯನ್ನು ಗಮನದಲ್ಲಿಟ್ಟುಕೊಂಡು ಸಂಪುಟ ರಚನೆ ನಡೆಯಲಿದೆ ಎಂದು ಮೂಲಗಳು ತಿಳಿಸಿವೆ.

ಬೆಂಗಳೂರು, ಜು.31- ಕರ್ನಾಟಕ ಸಚಿವ ಸಂಪುಟ ವಿಸ್ತರಣೆಗೆ ಕ್ಷಣಗಣನೆ ಆರಂಭವಾಗುತ್ತಿದ್ದಂತೆ ಸಚಿವ ಸ್ಥಾನಾಕಾಂಕ್ಷಿಗಳ ಲಾಬಿ ತೀವ್ರಗೊಂಡಿದೆ. ಹಿರಿಯ ಶಾಸಕರು ದೆಹಲಿಗೆ ತೆರಳಿ ವರಿಷ್ಠರನ್ನು ಭೇಟಿಯಾಗಿ ಸಚಿವ ಸ್ಥಾನ ನೀಡುವಂತೆ ಒತ್ತಡ ಹೇರುತ್ತಿದ್ದಾರೆ. ಮಾಜಿ ಸಿಎಂ ಯಡಿಯೂರಪ್ಪ ಅವರ ಆಪ್ತರು ಸಂಪುಟದಲ್ಲಿ ಸ್ಥಾನ ಪಡೆಯುವ ಪ್ರಯತ್ನ ನಡೆಸಿದ್ದಾರೆ. ಯಡಿಯೂರಪ್ಪ ಅವರ ಸಂಪುಟದಲ್ಲಿದ್ದ ಹಲವು ಸಚಿವರು ಮತ್ತೆ ಸ್ಥಾನ ಪಡೆಯುವ ನಿರೀಕ್ಷೆಯಲ್ಲಿದ್ದಾರೆ. ಪ್ರಾದೇಶಿಕ ಮತ್ತು ಜಾತಿ ಸಮೀಕರಣದ ಆಧಾರದ ಮೇಲೆ ಸಂಪುಟ ರಚನೆ ನಡೆಯಲಿದೆ ಎನ್ನಲಾಗಿದೆ. ಜೆಡಿಎಸ್ ಮತ್ತು ಕಾಂಗ್ರೆಸ್‌ನಿಂದ ಬಂದ 17 ಶಾಸಕರಲ್ಲಿ ಬಹುತೇಕರು ಸಂಪುಟದಲ್ಲಿ ಮುಂದುವರೆಯುವ ಸಾಧ್ಯತೆ ಇದೆ. ಮೈಸೂರು ಭಾಗದ ಶಾಸಕರು ಸಹ ಸಚಿವ ಸ್ಥಾನಕ್ಕಾಗಿ ಪೈಪೋಟಿ ನಡೆಸಿದ್ದಾರೆ. ಹಿರಿತನದ ಆಧಾರದ ಮೇಲೆ ಅವಕಾಶ ನೀಡಬೇಕು ಎಂಬ ಒತ್ತಾಯ ಕೇಳಿಬಂದಿದೆ. ಪಕ್ಷದ ವರಿಷ್ಠರ ಜೊತೆ ಚರ್ಚಿಸಿ ಅಂತಿಮ ಪಟ್ಟಿ ಸಿದ್ಧಪಡಿಸಲಾಗುವುದು ಎಂದು ಮುಖ್ಯಮಂತ್ರಿ ತಿಳಿಸಿದ್ದಾರೆ. ಉಪಮುಖ್ಯಮಂತ್ರಿ ಸ್ಥಾನಗಳ ಬಗ್ಗೆಯೂ ಚರ್ಚೆ ನಡೆಯುತ್ತಿದೆ. ಹೊಸಬರಿಗೆ ಹೆಚ್ಚಿನ ಅವಕಾಶ ನೀಡುವ ಮೂಲಕ ಪಕ್ಷವನ್ನು ಸಂಘಟಿಸುವ ಉದ್ದೇಶ ಹೊಂದಲಾಗಿದೆ. ಮುಂದಿನ ವಿಧಾನಸಭಾ ಚುನಾವಣೆಯನ್ನು ಗಮನದಲ್ಲಿಟ್ಟುಕೊಂಡು ಸಂಪುಟ ರಚನೆ ನಡೆಯಲಿದೆ ಎಂದು ಮೂಲಗಳು ತಿಳಿಸಿವೆ.

ಹಳೆ ಮೈಸೂರು ಭಾಗದಲ್ಲಿ
ನಾಗೇಂದ್ರರಿಗೆ ಸಂಪುಟದಲ್ಲಿ
ಸ್ಥಾನ ಕಲ್ಪಿಸುವ ಚಿಂತನೆ

ಮೈಸೂರು, ಜು.31-ಬಿಜೆಪಿ ಪಕ್ಷದ ಪ್ರಾಬಲ್ಯ ಹೆಚ್ಚಿಸಲು ಹಳೆ ಮೈಸೂರು ಭಾಗಕ್ಕೆ ಸಂಪುಟದಲ್ಲಿ ಹೆಚ್ಚಿನ ಪ್ರಾತಿನಿಧ್ಯ ನೀಡುವ ಚಿಂತನೆ ನಡೆದಿದೆ. ಚಾಮರಾಜ ಕ್ಷೇತ್ರದ ಶಾಸಕ ಎಲ್.ನಾಗೇಂದ್ರ ಅವರಿಗೆ ಸಚಿವ ಸ್ಥಾನ ನೀಡುವ ಸಾಧ್ಯತೆ ಇದೆ ಎನ್ನಲಾಗಿದೆ. ಮೈಸೂರು ಜಿಲ್ಲೆಯಿಂದ ಈ ಬಾರಿ ಸಂಪುಟದಲ್ಲಿ ಪ್ರಾತಿನಿಧ್ಯ ಸಿಗುವ ನಿರೀಕ್ಷೆ ಇದೆ. ಹಳೆ ಮೈಸೂರು ಭಾಗದಲ್ಲಿ ಪಕ್ಷ ಬಲಪಡಿಸಲು ಸ್ಥಳೀಯ ನಾಯಕರಿಗೆ ಅವಕಾಶ ನೀಡಬೇಕು ಎಂಬ ಒತ್ತಾಯ ಕಾರ್ಯಕರ್ತರಿಂದ ಕೇಳಿಬಂದಿದೆ. ವರಿಷ್ಠರು ಅಂತಿಮ ನಿರ್ಧಾರ ಕೈಗೊಳ್ಳಲಿದ್ದಾರೆ. ಜಿಲ್ಲೆಯ ಅಭಿವೃದ್ಧಿ ದೃಷ್ಟಿಯಿಂದ ಸಚಿವ ಸ್ಥಾನ ನೀಡುವುದು ಅಗತ್ಯ ಎಂದು ಪಕ್ಷದ ಮುಖಂಡರು ಅಭಿಪ್ರಾಯಪಟ್ಟಿದ್ದಾರೆ. ನಾಗೇಂದ್ರ ಅವರು ಎರಡನೇ ಬಾರಿ ಶಾಸಕರಾಗಿ ಆಯ್ಕೆಯಾಗಿದ್ದಾರೆ.

ಮೈಸೂರು, ಜು.31-ಬಿಜೆಪಿ ಪಕ್ಷದ ಪ್ರಾಬಲ್ಯ ಹೆಚ್ಚಿಸಲು ಹಳೆ ಮೈಸೂರು ಭಾಗಕ್ಕೆ ಸಂಪುಟದಲ್ಲಿ ಹೆಚ್ಚಿನ ಪ್ರಾತಿನಿಧ್ಯ ನೀಡುವ ಚಿಂತನೆ ನಡೆದಿದೆ. ಚಾಮರಾಜ ಕ್ಷೇತ್ರದ ಶಾಸಕ ಎಲ್.ನಾಗೇಂದ್ರ ಅವರಿಗೆ ಸಚಿವ ಸ್ಥಾನ ನೀಡುವ ಸಾಧ್ಯತೆ ಇದೆ ಎನ್ನಲಾಗಿದೆ. ಮೈಸೂರು ಜಿಲ್ಲೆಯಿಂದ ಈ ಬಾರಿ ಸಂಪುಟದಲ್ಲಿ ಪ್ರಾತಿನಿಧ್ಯ ಸಿಗುವ ನಿರೀಕ್ಷೆ ಇದೆ. ಹಳೆ ಮೈಸೂರು ಭಾಗದಲ್ಲಿ ಪಕ್ಷ ಬಲಪಡಿಸಲು ಸ್ಥಳೀಯ ನಾಯಕರಿಗೆ ಅವಕಾಶ ನೀಡಬೇಕು ಎಂಬ ಒತ್ತಾಯ ಕಾರ್ಯಕರ್ತರಿಂದ ಕೇಳಿಬಂದಿದೆ. ವರಿಷ್ಠರು ಅಂತಿಮ ನಿರ್ಧಾರ ಕೈಗೊಳ್ಳಲಿದ್ದಾರೆ. ಜಿಲ್ಲೆಯ ಅಭಿವೃದ್ಧಿ ದೃಷ್ಟಿಯಿಂದ ಸಚಿವ ಸ್ಥಾನ ನೀಡುವುದು ಅಗತ್ಯ ಎಂದು ಪಕ್ಷದ ಮುಖಂಡರು ಅಭಿಪ್ರಾಯಪಟ್ಟಿದ್ದಾರೆ. ನಾಗೇಂದ್ರ ಅವರು ಎರಡನೇ ಬಾರಿ ಶಾಸಕರಾಗಿ ಆಯ್ಕೆಯಾಗಿದ್ದಾರೆ.

ಜಯಚಂದ್ರ ವಿಕ್ರಾಂತ್ ಟೈರ್ಸ್ ಕಾರ್ಮಿಕ ಸಂಘದ ಅಧ್ಯಕ್ಷ
ಜಯಚಂದ್ರ	ಸಿ.ವೆಂಕಟೇಶ್	ಮಹಮೂದ್	ಎಸ್.ಲೋಕೇಶ್	ಟಿ.ರಾಜು	ಸಿ.ಶಿವಲಿಂಗಸ್ವಾಮಿ	ಸಿ.ಕೆ.ರವಿಪ್ರಕಾಶ್

ಮೈಸೂರು, ಜು.31(ಎಂಟಿವೈ)-ವಿಕ್ರಾಂತ್ ಟೈರ್ಸ್ ಎಂಪ್ಲಾಯೀಸ್ ಯೂನಿಯನ್ ಚುನಾವಣೆಯಲ್ಲಿ ಜಯಚಂದ್ರ(328) ಅಧ್ಯಕ್ಷರಾಗಿ ಆಯ್ಕೆಯಾದರು. 2021-23ನೇ ಸಾಲಿನ ಪದಾಧಿಕಾರಿಗಳ ಆಯ್ಕೆಗೆ ನಡೆದ ಚುನಾವಣೆಯಲ್ಲಿ ಉಪಾಧ್ಯಕ್ಷರಾಗಿ ಸಿ.ವೆಂಕಟೇಶ್(299), ಮಹಮೂದ್ ಆಯ್ಕೆಯಾದರು.

ಉಪಾಧ್ಯಕ್ಷ(447), ಪ್ರಧಾನ ಕಾರ್ಯದರ್ಶಿ ಎಸ್.ಲೋಕೇಶ್(660), ಜಂಟಿ ಕಾರ್ಯದರ್ಶಿ ಟಿ.ರಾಜು(614), ಖಜಾಂಚಿ ಸಿ.ಶಿವಲಿಂಗಸ್ವಾಮಿ(371), ಸಂಘಟನಾ ಕಾರ್ಯದರ್ಶಿ ಸಿ.ಕೆ.ರವಿಪ್ರಕಾಶ್(400) ಆಯ್ಕೆಯಾದರು.

ಬಿಜೆಪಿ ಸಂಸದ ಬಾಬುಲ್ ಸುಪ್ರಿಯೋ ರಾಜಕೀಯಕ್ಕೆ ಗುಡ್ ಬೈ

ನವದೆಹಲಿ, ಜು.31- ಕೇಂದ್ರದ ಮಾಜಿ ಸಚಿವ, ಬಿಜೆಪಿ ಸಂಸದ ಬಾಬುಲ್ ಸುಪ್ರಿಯೋ ರಾಜಕೀಯದಿಂದ ನಿವೃತ್ತಿ ಘೋಷಿಸಿದ್ದಾರೆ. ಸಂಸದ ಸ್ಥಾನಕ್ಕೂ ರಾಜೀನಾಮೆ ನೀಡುವುದಾಗಿ ಸಾಮಾಜಿಕ ಜಾಲತಾಣದಲ್ಲಿ ತಿಳಿಸಿದ್ದಾರೆ. ಇತ್ತೀಚಿನ ಕೇಂದ್ರ ಸಂಪುಟ ಪುನಾರಚನೆಯಲ್ಲಿ ಅವರನ್ನು ಕೈಬಿಡಲಾಗಿತ್ತು. 2014ರಿಂದ ಅಸನ್ಸೋಲ್ ಕ್ಷೇತ್ರವನ್ನು ಪ್ರತಿನಿಧಿಸುತ್ತಿದ್ದರು. ಯಾವುದೇ ಪಕ್ಷ ಸೇರುವುದಿಲ್ಲ ಎಂದು ಸ್ಪಷ್ಟಪಡಿಸಿದ್ದಾರೆ.

ಮೂಲೆಹೊಳೆ ಚೆಕ್‌ಪೋಸ್ಟ್ ಪರಿಶೀಲಿಸಿದ ಚಾ.ನಗರ ಡಿಸಿ ಡಾ.ಎಂ.ಆರ್.ರವಿ
● ಕೇರಳದಿಂದ ಬರುವವರಿಗೆ ಆರ್‌ಟಿಪಿಸಿಆರ್ ನೆಗೆಟಿವ್ ವರದಿ, 2ಡೋಸ್ ಲಸಿಕೆ ಪಡೆದಿರುವ ದಾಖಲೆ ಕಡ್ಡಾಯ ● ಚೆಕ್‌ಪೋಸ್ಟ್‌ಗಳಲ್ಲಿ ಕಟ್ಟೆಚ್ಚರ ವಹಿಸಲು ಸೂಚನೆ

ಚಾಮರಾಜನಗರ, ಜು.31-ನೆರೆಯ ಕೇರಳ ರಾಜ್ಯದಲ್ಲಿ ಕೋವಿಡ್ ಪ್ರಕರಣಗಳು ಹೆಚ್ಚುತ್ತಿರುವ ಹಿನ್ನೆಲೆಯಲ್ಲಿ ಜಿಲ್ಲೆಯ ಗಡಿ ಭಾಗದ ಮೂಲೆಹೊಳೆ ಚೆಕ್‌ಪೋಸ್ಟ್‌ಗೆ ಜಿಲ್ಲಾಧಿಕಾರಿ ಡಾ.ಎಂ.ಆರ್.ರವಿ ಭೇಟಿ ನೀಡಿ ಪರಿಶೀಲನೆ ನಡೆಸಿದರು. ಚೆಕ್‌ಪೋಸ್ಟ್‌ನಲ್ಲಿ ನಿಯೋಜಿಸಿರುವ ಸಿಬ್ಬಂದಿಗೆ ಅಗತ್ಯ ಸೂಚನೆ ನೀಡಿದರು. ವಾಹನಗಳ ತಪಾಸಣೆ ಕಟ್ಟುನಿಟ್ಟಾಗಿ ನಡೆಸಬೇಕು ಎಂದರು.

ಚಾಮರಾಜನಗರ, ಜು.31-ನೆರೆಯ ಕೇರಳ ರಾಜ್ಯದಲ್ಲಿ ಕೋವಿಡ್ ಪ್ರಕರಣಗಳು ಹೆಚ್ಚುತ್ತಿರುವ ಹಿನ್ನೆಲೆಯಲ್ಲಿ ಜಿಲ್ಲೆಯ ಗಡಿ ಭಾಗದ ಮೂಲೆಹೊಳೆ ಚೆಕ್‌ಪೋಸ್ಟ್‌ಗೆ ಜಿಲ್ಲಾಧಿಕಾರಿ ಡಾ.ಎಂ.ಆರ್.ರವಿ ಭೇಟಿ ನೀಡಿ ಪರಿಶೀಲನೆ ನಡೆಸಿದರು. ಚೆಕ್‌ಪೋಸ್ಟ್‌ನಲ್ಲಿ ನಿಯೋಜಿಸಿರುವ ಸಿಬ್ಬಂದಿಗೆ ಅಗತ್ಯ ಸೂಚನೆ ನೀಡಿದರು. ವಾಹನಗಳ ತಪಾಸಣೆ ಕಟ್ಟುನಿಟ್ಟಾಗಿ ನಡೆಸಬೇಕು ಎಂದರು.

“ ಕೇರಳದಿಂದ ಜಿಲ್ಲೆ ಪ್ರವೇಶಿಸುವ ಪ್ರತಿಯೊಬ್ಬರು ಆರ್‌ಟಿಪಿಸಿಆರ್ ನೆಗೆಟಿವ್ ವರದಿ ಹಾಜರುಪಡಿಸಬೇಕು. ಜೊತೆಗೆ ಕೋವಿಡ್ ಲಸಿಕೆಯ ಎರಡು ಡೋಸ್ ಪಡೆದಿರಬೇಕು. ಇದು ಜಿಲ್ಲೆಯ ಜನರ ಸುರಕ್ಷತೆಗಾಗಿ ಕೈಗೊಂಡ ಕ್ರಮ.
- ಡಾ.ಎಂ.ಆರ್.ರವಿ, ಜಿಲ್ಲಾಧಿಕಾರಿ

ಕೇರಳದಿಂದ ಬರುವವರು ಆರ್‌ಟಿಪಿಸಿಆರ್ ನೆಗೆಟಿವ್ ವರದಿ ಹಾಗೂ ಎರಡು ಡೋಸ್ ಲಸಿಕೆ ಪಡೆದಿರುವ ಪ್ರಮಾಣಪತ್ರ ಹಾಜರುಪಡಿಸಬೇಕು. ವರದಿ ಇಲ್ಲದವರಿಗೆ ಪ್ರವೇಶ ನಿರಾಕರಿಸಲಾಗುವುದು. ಸರಕು ಸಾಗಣೆ ವಾಹನಗಳ ಚಾಲಕರು ಸಹ ನಿಯಮ ಪಾಲಿಸಬೇಕು.

ಕೇರಳದಿಂದ ಬರುವವರು ಆರ್‌ಟಿಪಿಸಿಆರ್ ನೆಗೆಟಿವ್ ವರದಿ ಹಾಗೂ ಎರಡು ಡೋಸ್ ಲಸಿಕೆ ಪಡೆದಿರುವ ಪ್ರಮಾಣಪತ್ರ ಹಾಜರುಪಡಿಸಬೇಕು. ವರದಿ ಇಲ್ಲದವರಿಗೆ ಪ್ರವೇಶ ನಿರಾಕರಿಸಲಾಗುವುದು. ಸರಕು ಸಾಗಣೆ ವಾಹನಗಳ ಚಾಲಕರು ಸಹ ನಿಯಮ ಪಾಲಿಸಬೇಕು.

ಮಾಡಿಸಲಾಗುವುದು. ದಿನನಿತ್ಯ ಕೇರಳಕ್ಕೆ ಹೋಗಿ ಬರುವ ಕಾರ್ಮಿಕರು ಪ್ರತಿ 15 ದಿನಗಳಿಗೊಮ್ಮೆ ಪರೀಕ್ಷೆ ಮಾಡಿಸಿಕೊಳ್ಳಬೇಕು. ಚೆಕ್‌ಪೋಸ್ಟ್‌ನಲ್ಲಿ ಆರೋಗ್ಯ, ಕಂದಾಯ ಮತ್ತು ಪೊಲೀಸ್ ಇಲಾಖೆ ಸಿಬ್ಬಂದಿ ದಿನದ 24 ಗಂಟೆ ಕಾರ್ಯನಿರ್ವಹಿಸಲಿದ್ದಾರೆ ಎಂದು ತಿಳಿಸಿದರು.

ಮಾಡಿಸಲಾಗುವುದು. ದಿನನಿತ್ಯ ಕೇರಳಕ್ಕೆ ಹೋಗಿ ಬರುವ ಕಾರ್ಮಿಕರು ಪ್ರತಿ 15 ದಿನಗಳಿಗೊಮ್ಮೆ ಪರೀಕ್ಷೆ ಮಾಡಿಸಿಕೊಳ್ಳಬೇಕು. ಚೆಕ್‌ಪೋಸ್ಟ್‌ನಲ್ಲಿ ಆರೋಗ್ಯ, ಕಂದಾಯ ಮತ್ತು ಪೊಲೀಸ್ ಇಲಾಖೆ ಸಿಬ್ಬಂದಿ ದಿನದ 24 ಗಂಟೆ ಕಾರ್ಯನಿರ್ವಹಿಸಲಿದ್ದಾರೆ ಎಂದು ತಿಳಿಸಿದರು.

ರಾಜ್ಯ ಹಾಗೂ ಕೇರಳ ನಡುವೆ ಸಂಚರಿಸುವ ಸರ್ಕಾರಿ ಮತ್ತು ಖಾಸಗಿ ಬಸ್‌ಗಳ ಸಂಚಾರದ ಮೇಲೆಯೂ ನಿಗಾ ವಹಿಸಲಾಗಿದೆ. ಗಡಿ ಗ್ರಾಮಗಳಲ್ಲಿ ಲಸಿಕಾ ಅಭಿಯಾನ ಚುರುಕುಗೊಳಿಸಲಾಗುವುದು ಎಂದು ಹೇಳಿದರು.

ರಾಜ್ಯ ಹಾಗೂ ಕೇರಳ ನಡುವೆ ಸಂಚರಿಸುವ ಸರ್ಕಾರಿ ಮತ್ತು ಖಾಸಗಿ ಬಸ್‌ಗಳ ಸಂಚಾರದ ಮೇಲೆಯೂ ನಿಗಾ ವಹಿಸಲಾಗಿದೆ. ಗಡಿ ಗ್ರಾಮಗಳಲ್ಲಿ ಲಸಿಕಾ ಅಭಿಯಾನ ಚುರುಕುಗೊಳಿಸಲಾಗುವುದು ಎಂದು ಹೇಳಿದರು.
